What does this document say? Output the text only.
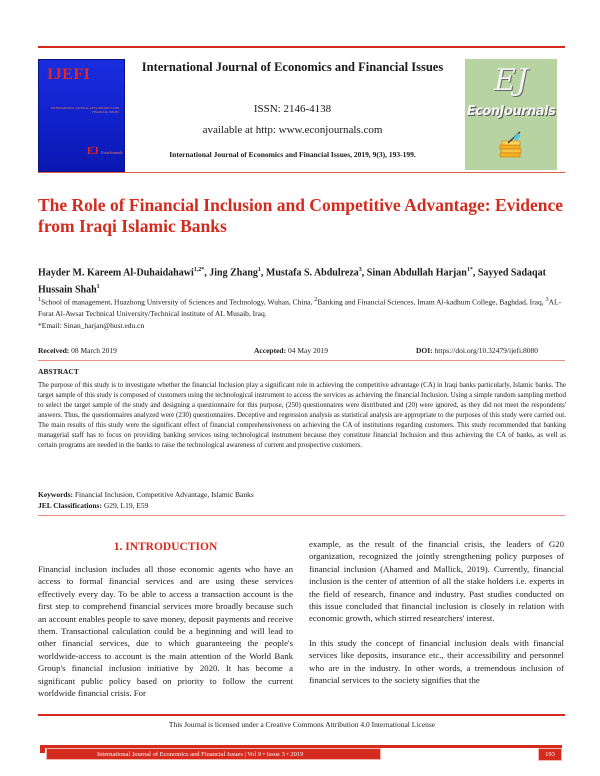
IJEFI
INTERNATIONAL JOURNAL OF ECONOMICS AND FINANCIAL ISSUES
EJ EconJournals
International Journal of Economics and Financial Issues
ISSN: 2146-4138
available at http: www.econjournals.com
International Journal of Economics and Financial Issues, 2019, 9(3), 193-199.
EJ
EconJournals
The Role of Financial Inclusion and Competitive Advantage: Evidence from Iraqi Islamic Banks
Hayder M. Kareem Al-Duhaidahawi$^{1,2*}$, Jing Zhang$^1$, Mustafa S. Abdulreza$^3$, Sinan Abdullah Harjan$^{1*}$, Sayyed Sadaqat Hussain Shah$^1$
$^1$School of management, Huazhong University of Sciences and Technology, Wuhan, China, $^2$Banking and Financial Sciences, Imam Al-kadhum College, Baghdad, Iraq, $^3$AL-Furat Al-Awsat Technical University/Technical institute of AL Musaib, Iraq.
*Email: Sinan_harjan@hust.edu.cn
Received: 08 March 2019	Accepted: 04 May 2019	DOI: https://doi.org/10.32479/ijefi.8080
ABSTRACT
The purpose of this study is to investigate whether the financial Inclusion play a significant role in achieving the competitive advantage (CA) in Iraqi banks particularly, Islamic banks. The target sample of this study is composed of customers using the technological instrument to access the services as achieving the financial Inclusion. Using a simple random sampling method to select the target sample of the study and designing a questionnaire for this purpose, (250) questionnaires were distributed and (20) were ignored, as they did not meet the respondents' answers. Thus, the questionnaires analyzed were (230) questionnaires. Deceptive and regression analysis as statistical analysis are appropriate to the purposes of this study were carried out. The main results of this study were the significant effect of financial comprehensiveness on achieving the CA of institutions regarding customers. This study recommended that banking managerial staff has to focus on providing banking services using technological instrument because they constitute financial Inclusion and thus achieving the CA of banks, as well as certain programs are needed in the banks to raise the technological awareness of current and prospective customers.
Keywords: Financial Inclusion, Competitive Advantage, Islamic Banks
JEL Classifications: G29, L19, E59
1. INTRODUCTION

Financial inclusion includes all those economic agents who have an access to formal financial services and are using these services effectively every day. To be able to access a transaction account is the first step to comprehend financial services more broadly because such an account enables people to save money, deposit payments and receive them. Transactional calculation could be a beginning and will lead to other financial services, due to which guaranteeing the people's worldwide-access to account is the main attention of the World Bank Group's financial inclusion initiative by 2020. It has become a significant public policy based on priority to follow the current worldwide financial crisis. For

example, as the result of the financial crisis, the leaders of G20 organization, recognized the jointly strengthening policy purposes of financial inclusion (Ahamed and Mallick, 2019). Currently, financial inclusion is the center of attention of all the stake holders i.e. experts in the field of research, finance and industry. Past studies conducted on this issue concluded that financial inclusion is closely in relation with economic growth, which stirred researchers' interest.

In this study the concept of financial inclusion deals with financial services like deposits, insurance etc., their accessibility and personnel who are in the industry. In other words, a tremendous inclusion of financial services to the society signifies that the

This Journal is licensed under a Creative Commons Attribution 4.0 International License
International Journal of Economics and Financial Issues | Vol 9 • Issue 3 • 2019	193
